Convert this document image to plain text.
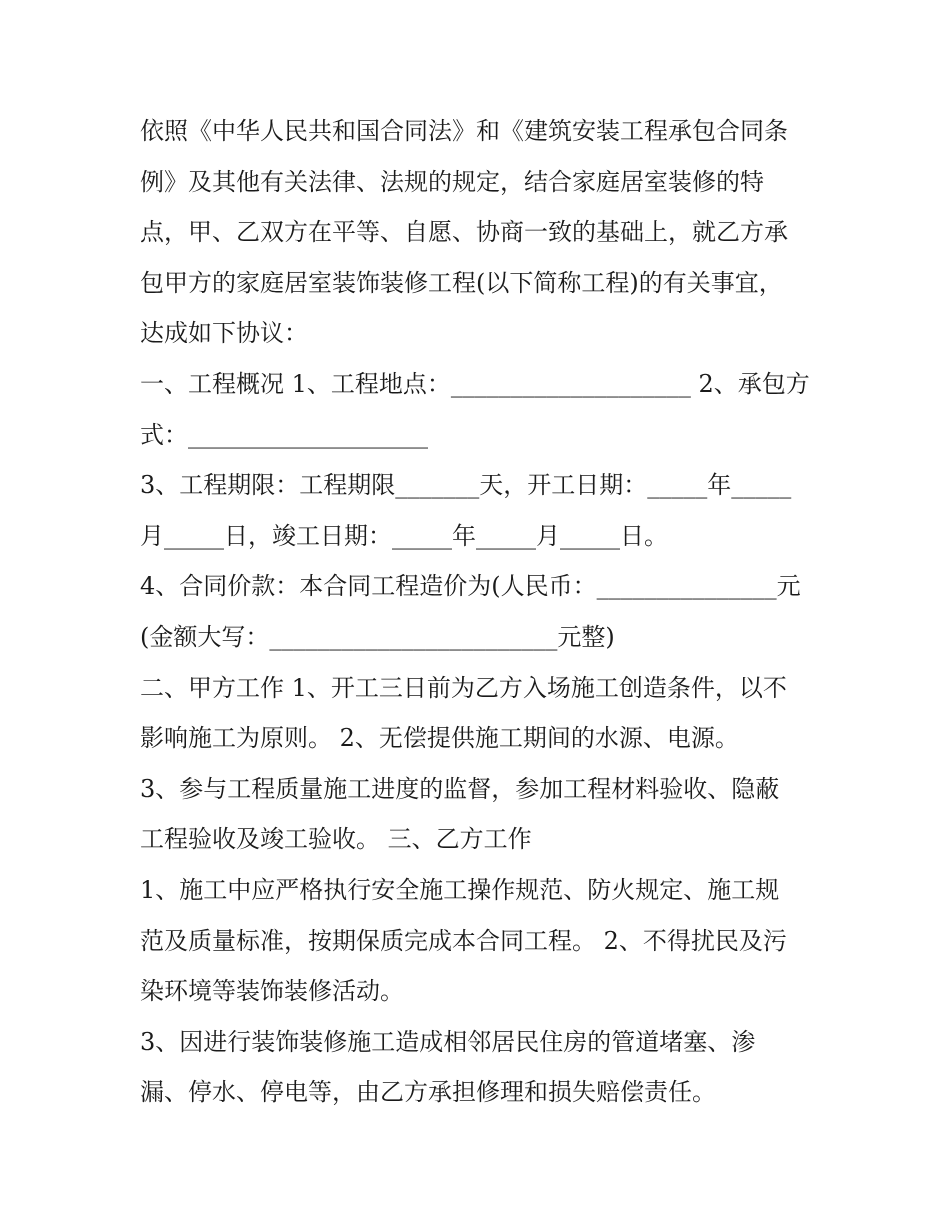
依照《中华人民共和国合同法》和《建筑安装工程承包合同条
例》及其他有关法律、法规的规定，结合家庭居室装修的特
点，甲、乙双方在平等、自愿、协商一致的基础上，就乙方承
包甲方的家庭居室装饰装修工程(以下简称工程)的有关事宜，
达成如下协议：
一、工程概况 1、工程地点：____________________ 2、承包方
式：____________________
3、工程期限：工程期限_______天，开工日期：_____年_____
月_____日，竣工日期：_____年_____月_____日。
4、合同价款：本合同工程造价为(人民币：_______________元
(金额大写：________________________元整)
二、甲方工作 1、开工三日前为乙方入场施工创造条件，以不
影响施工为原则。 2、无偿提供施工期间的水源、电源。
3、参与工程质量施工进度的监督，参加工程材料验收、隐蔽
工程验收及竣工验收。 三、乙方工作
1、施工中应严格执行安全施工操作规范、防火规定、施工规
范及质量标准，按期保质完成本合同工程。 2、不得扰民及污
染环境等装饰装修活动。
3、因进行装饰装修施工造成相邻居民住房的管道堵塞、渗
漏、停水、停电等，由乙方承担修理和损失赔偿责任。
